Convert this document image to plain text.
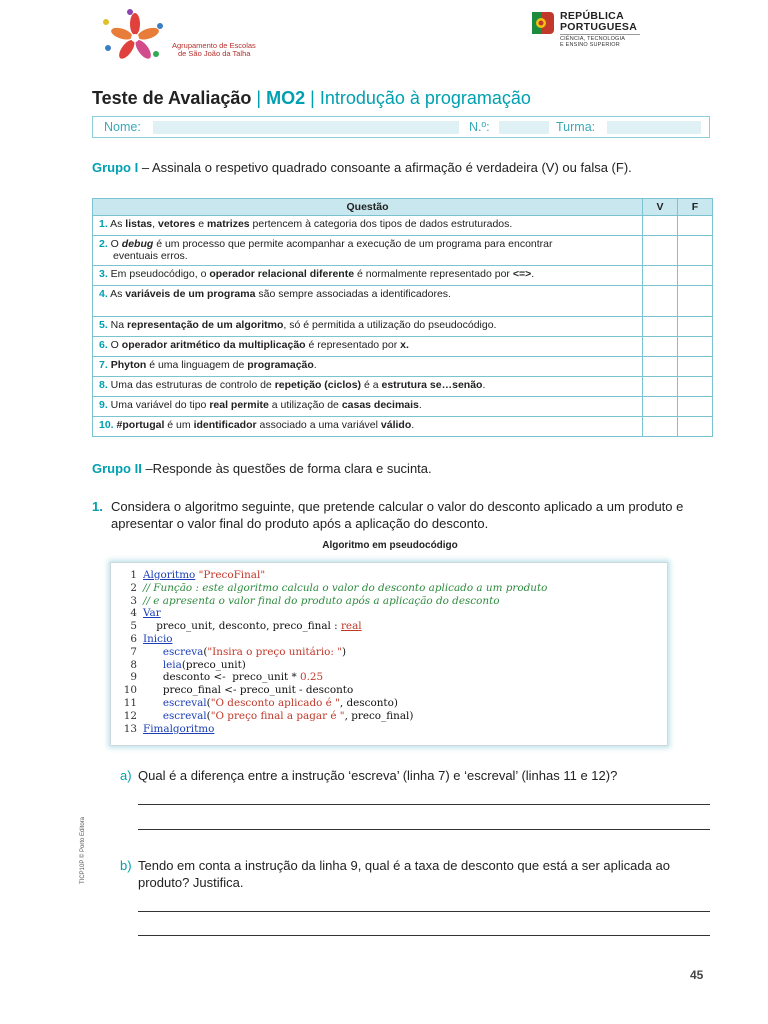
Agrupamento de Escolas
de São João da Talha
REPÚBLICA
PORTUGUESA
CIÊNCIA, TECNOLOGIA
E ENSINO SUPERIOR
Teste de Avaliação | MO2 | Introdução à programação
Nome:	N.º:	Turma:
Grupo I – Assinala o respetivo quadrado consoante a afirmação é verdadeira (V) ou falsa (F).
Questão	V	F
1. As listas, vetores e matrizes pertencem à categoria dos tipos de dados estruturados.		
2. O debug é um processo que permite acompanhar a execução de um programa para encontrar
eventuais erros.		
3. Em pseudocódigo, o operador relacional diferente é normalmente representado por <=>.		
4. As variáveis de um programa são sempre associadas a identificadores.		
5. Na representação de um algoritmo, só é permitida a utilização do pseudocódigo.		
6. O operador aritmético da multiplicação é representado por x.		
7. Phyton é uma linguagem de programação.		
8. Uma das estruturas de controlo de repetição (ciclos) é a estrutura se…senão.		
9. Uma variável do tipo real permite a utilização de casas decimais.		
10. #portugal é um identificador associado a uma variável válido.		
Grupo II –Responde às questões de forma clara e sucinta.
1. Considera o algoritmo seguinte, que pretende calcular o valor do desconto aplicado a um produto e apresentar o valor final do produto após a aplicação do desconto.
Algoritmo em pseudocódigo
1 Algoritmo "PrecoFinal"
2 // Função : este algoritmo calcula o valor do desconto aplicado a um produto
3 // e apresenta o valor final do produto após a aplicação do desconto
4 Var
5 preco_unit, desconto, preco_final : real
6 Inicio
7 escreva("Insira o preço unitário: ")
8 leia(preco_unit)
9 desconto <-  preco_unit * 0.25
10 preco_final <- preco_unit - desconto
11 escreval("O desconto aplicado é ", desconto)
12 escreval("O preço final a pagar é ", preco_final)
13 Fimalgoritmo
a) Qual é a diferença entre a instrução ‘escreva’ (linha 7) e ‘escreval’ (linhas 11 e 12)?
b) Tendo em conta a instrução da linha 9, qual é a taxa de desconto que está a ser aplicada ao produto? Justifica.
TICP10P © Porto Editora
45
